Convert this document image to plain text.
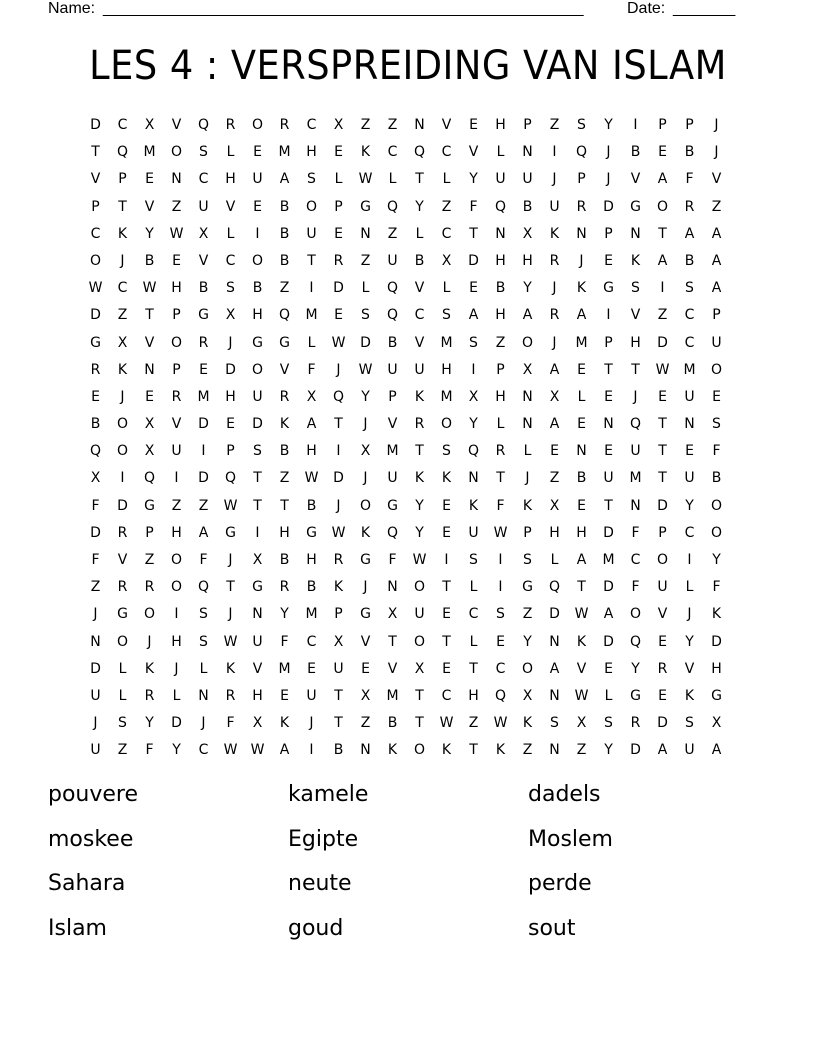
Name: ______________________________________________________	Date: _______
LES 4 : VERSPREIDING VAN ISLAM
D	C	X	V	Q	R	O	R	C	X	Z	Z	N	V	E	H	P	Z	S	Y	I	P	P	J
T	Q	M	O	S	L	E	M	H	E	K	C	Q	C	V	L	N	I	Q	J	B	E	B	J
V	P	E	N	C	H	U	A	S	L	W	L	T	L	Y	U	U	J	P	J	V	A	F	V
P	T	V	Z	U	V	E	B	O	P	G	Q	Y	Z	F	Q	B	U	R	D	G	O	R	Z
C	K	Y	W	X	L	I	B	U	E	N	Z	L	C	T	N	X	K	N	P	N	T	A	A
O	J	B	E	V	C	O	B	T	R	Z	U	B	X	D	H	H	R	J	E	K	A	B	A
W	C	W	H	B	S	B	Z	I	D	L	Q	V	L	E	B	Y	J	K	G	S	I	S	A
D	Z	T	P	G	X	H	Q	M	E	S	Q	C	S	A	H	A	R	A	I	V	Z	C	P
G	X	V	O	R	J	G	G	L	W	D	B	V	M	S	Z	O	J	M	P	H	D	C	U
R	K	N	P	E	D	O	V	F	J	W	U	U	H	I	P	X	A	E	T	T	W	M	O
E	J	E	R	M	H	U	R	X	Q	Y	P	K	M	X	H	N	X	L	E	J	E	U	E
B	O	X	V	D	E	D	K	A	T	J	V	R	O	Y	L	N	A	E	N	Q	T	N	S
Q	O	X	U	I	P	S	B	H	I	X	M	T	S	Q	R	L	E	N	E	U	T	E	F
X	I	Q	I	D	Q	T	Z	W	D	J	U	K	K	N	T	J	Z	B	U	M	T	U	B
F	D	G	Z	Z	W	T	T	B	J	O	G	Y	E	K	F	K	X	E	T	N	D	Y	O
D	R	P	H	A	G	I	H	G	W	K	Q	Y	E	U	W	P	H	H	D	F	P	C	O
F	V	Z	O	F	J	X	B	H	R	G	F	W	I	S	I	S	L	A	M	C	O	I	Y
Z	R	R	O	Q	T	G	R	B	K	J	N	O	T	L	I	G	Q	T	D	F	U	L	F
J	G	O	I	S	J	N	Y	M	P	G	X	U	E	C	S	Z	D	W	A	O	V	J	K
N	O	J	H	S	W	U	F	C	X	V	T	O	T	L	E	Y	N	K	D	Q	E	Y	D
D	L	K	J	L	K	V	M	E	U	E	V	X	E	T	C	O	A	V	E	Y	R	V	H
U	L	R	L	N	R	H	E	U	T	X	M	T	C	H	Q	X	N	W	L	G	E	K	G
J	S	Y	D	J	F	X	K	J	T	Z	B	T	W	Z	W	K	S	X	S	R	D	S	X
U	Z	F	Y	C	W W	A	I	B	N	K	O	K	T	K	Z	N	Z	Y	D	A	U	A
pouvere	kamele	dadels
moskee	Egipte	Moslem
Sahara	neute	perde
Islam	goud	sout
